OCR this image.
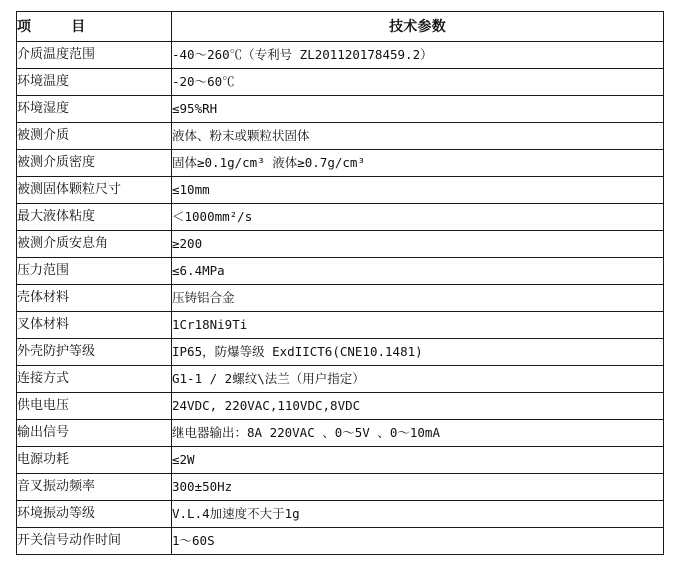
项 目	技术参数
介质温度范围	-40～260℃（专利号 ZL201120178459.2）
环境温度	-20～60℃
环境湿度	≤95%RH
被测介质	液体、粉末或颗粒状固体
被测介质密度	固体≥0.1g/cm³ 液体≥0.7g/cm³
被测固体颗粒尺寸	≤10mm
最大液体粘度	＜1000mm²/s
被测介质安息角	≥200
压力范围	≤6.4MPa
壳体材料	压铸铝合金
叉体材料	1Cr18Ni9Ti
外壳防护等级	IP65，防爆等级 ExdIICT6(CNE10.1481)
连接方式	G1-1 / 2螺纹\法兰（用户指定）
供电电压	24VDC, 220VAC,110VDC,8VDC
输出信号	继电器输出：8A 220VAC 、0～5V 、0～10mA
电源功耗	≤2W
音叉振动频率	300±50Hz
环境振动等级	V.L.4加速度不大于1g
开关信号动作时间	1～60S
